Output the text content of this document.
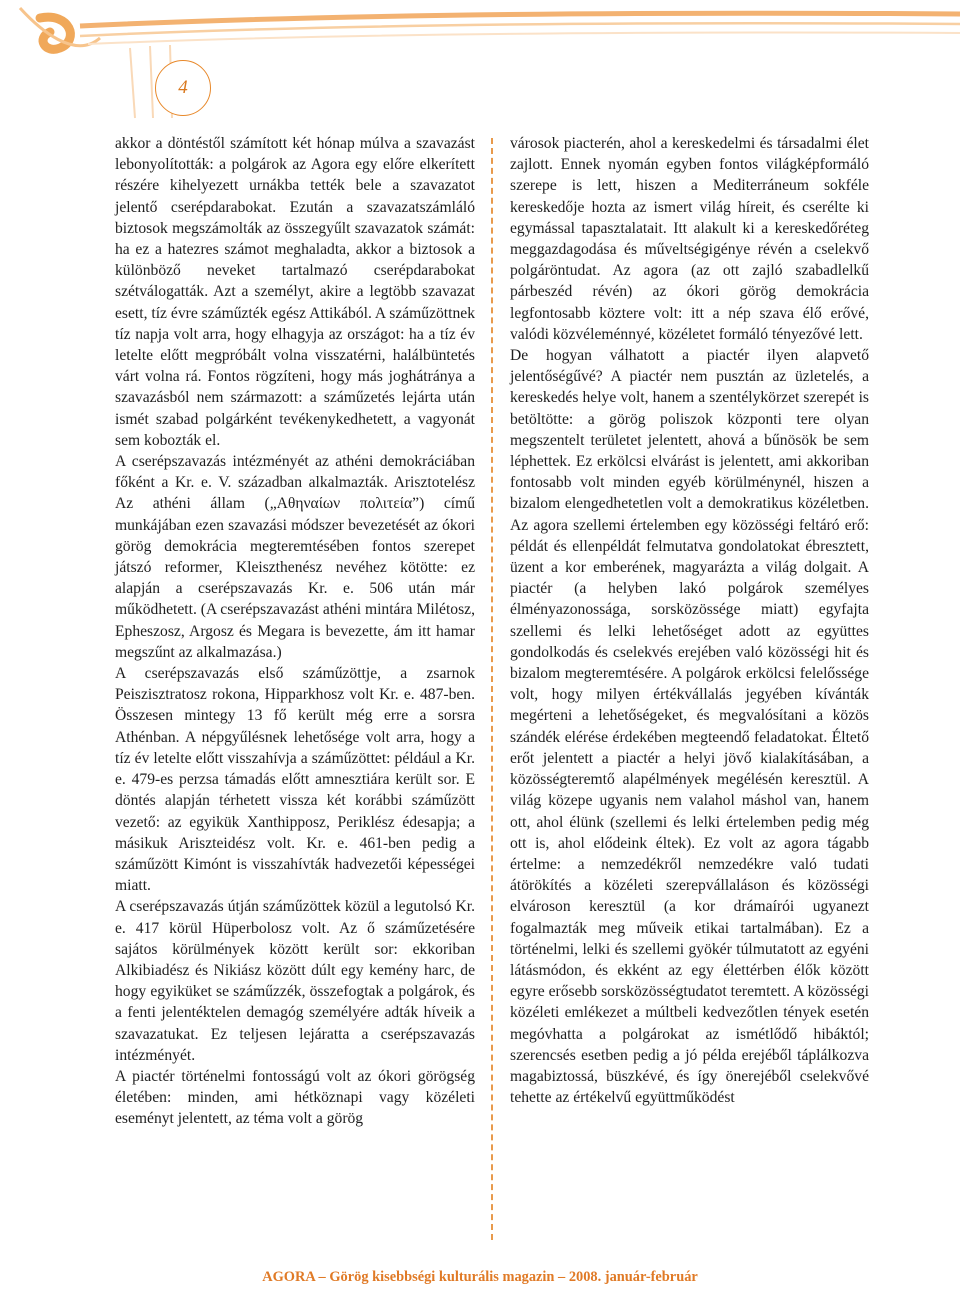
4

akkor a döntéstől számított két hónap múlva a szavazást lebonyolították: a polgárok az Agora egy előre elkerített részére kihelyezett urnákba tették bele a szavazatot jelentő cserépdarabokat. Ezután a szavazatszámláló biztosok megszámolták az összegyűlt szavazatok számát: ha ez a hatezres számot meghaladta, akkor a biztosok a különböző neveket tartalmazó cserépdarabokat szétválogatták. Azt a személyt, akire a legtöbb szavazat esett, tíz évre száműzték egész Attikából. A száműzöttnek tíz napja volt arra, hogy elhagyja az országot: ha a tíz év letelte előtt megpróbált volna visszatérni, halálbüntetés várt volna rá. Fontos rögzíteni, hogy más joghátránya a szavazásból nem származott: a száműzetés lejárta után ismét szabad polgárként tevékenykedhetett, a vagyonát sem kobozták el.

A cserépszavazás intézményét az athéni demokráciában főként a Kr. e. V. században alkalmazták. Arisztotelész Az athéni állam („Αθηναίων πολιτεία”) című munkájában ezen szavazási módszer bevezetését az ókori görög demokrácia megteremtésében fontos szerepet játszó reformer, Kleiszthenész nevéhez kötötte: ez alapján a cserépszavazás Kr. e. 506 után már működhetett. (A cserépszavazást athéni mintára Milétosz, Epheszosz, Argosz és Megara is bevezette, ám itt hamar megszűnt az alkalmazása.)

A cserépszavazás első száműzöttje, a zsarnok Peiszisztratosz rokona, Hipparkhosz volt Kr. e. 487-ben. Összesen mintegy 13 fő került még erre a sorsra Athénban. A népgyűlésnek lehetősége volt arra, hogy a tíz év letelte előtt visszahívja a száműzöttet: például a Kr. e. 479-es perzsa támadás előtt amnesztiára került sor. E döntés alapján térhetett vissza két korábbi száműzött vezető: az egyikük Xanthipposz, Periklész édesapja; a másikuk Arisztеidész volt. Kr. e. 461-ben pedig a száműzött Kimónt is visszahívták hadvezetői képességei miatt.

A cserépszavazás útján száműzöttek közül a legutolsó Kr. e. 417 körül Hüperbolosz volt. Az ő száműzetésére sajátos körülmények között került sor: ekkoriban Alkibiadész és Nikiász között dúlt egy kemény harc, de hogy egyiküket se száműzzék, összefogtak a polgárok, és a fenti jelentéktelen demagóg személyére adták híveik a szavazatukat. Ez teljesen lejáratta a cserépszavazás intézményét.

A piactér történelmi fontosságú volt az ókori görögség életében: minden, ami hétköznapi vagy közéleti eseményt jelentett, az téma volt a görög

városok piacterén, ahol a kereskedelmi és társadalmi élet zajlott. Ennek nyomán egyben fontos világképformáló szerepe is lett, hiszen a Mediterráneum sokféle kereskedője hozta az ismert világ híreit, és cserélte ki egymással tapasztalatait. Itt alakult ki a kereskedőréteg meggazdagodása és műveltségigénye révén a cselekvő polgáröntudat. Az agora (az ott zajló szabadlelkű párbeszéd révén) az ókori görög demokrácia legfontosabb köztere volt: itt a nép szava élő erővé, valódi közvéleménnyé, közéletet formáló tényezővé lett.

De hogyan válhatott a piactér ilyen alapvető jelentőségűvé? A piactér nem pusztán az üzletelés, a kereskedés helye volt, hanem a szentélykörzet szerepét is betöltötte: a görög poliszok központi tere olyan megszentelt területet jelentett, ahová a bűnösök be sem léphettek. Ez erkölcsi elvárást is jelentett, ami akkoriban fontosabb volt minden egyéb körülménynél, hiszen a bizalom elengedhetetlen volt a demokratikus közéletben. Az agora szellemi értelemben egy közösségi feltáró erő: példát és ellenpéldát felmutatva gondolatokat ébresztett, üzent a kor emberének, magyarázta a világ dolgait. A piactér (a helyben lakó polgárok személyes élményazonossága, sorsközössége miatt) egyfajta szellemi és lelki lehetőséget adott az együttes gondolkodás és cselekvés erejében való közösségi hit és bizalom megteremtésére. A polgárok erkölcsi felelőssége volt, hogy milyen értékvállalás jegyében kívánták megérteni a lehetőségeket, és megvalósítani a közös szándék elérése érdekében megteendő feladatokat. Éltető erőt jelentett a piactér a helyi jövő kialakításában, a közösségteremtő alapélmények megélésén keresztül. A világ közepe ugyanis nem valahol máshol van, hanem ott, ahol élünk (szellemi és lelki értelemben pedig még ott is, ahol elődeink éltek). Ez volt az agora tágabb értelme: a nemzedékről nemzedékre való tudati átörökítés a közéleti szerepvállaláson és közösségi elvároson keresztül (a kor drámaírói ugyanezt fogalmazták meg művеik etikai tartalmában). Ez a történelmi, lelki és szellemi gyökér túlmutatott az egyéni látásmódon, és ekként az egy élettérben élők között egyre erősebb sorsközösségtudatot teremtett. A közösségi közéleti emlékezet a múltbeli kedvezőtlen tények esetén megóvhatta a polgárokat az ismétlődő hibáktól; szerencsés esetben pedig a jó példa erejéből táplálkozva magabiztossá, büszkévé, és így önerejéből cselekvővé tehette az értékelvű együttműködést

AGORA – Görög kisebbségi kulturális magazin – 2008. január-február
